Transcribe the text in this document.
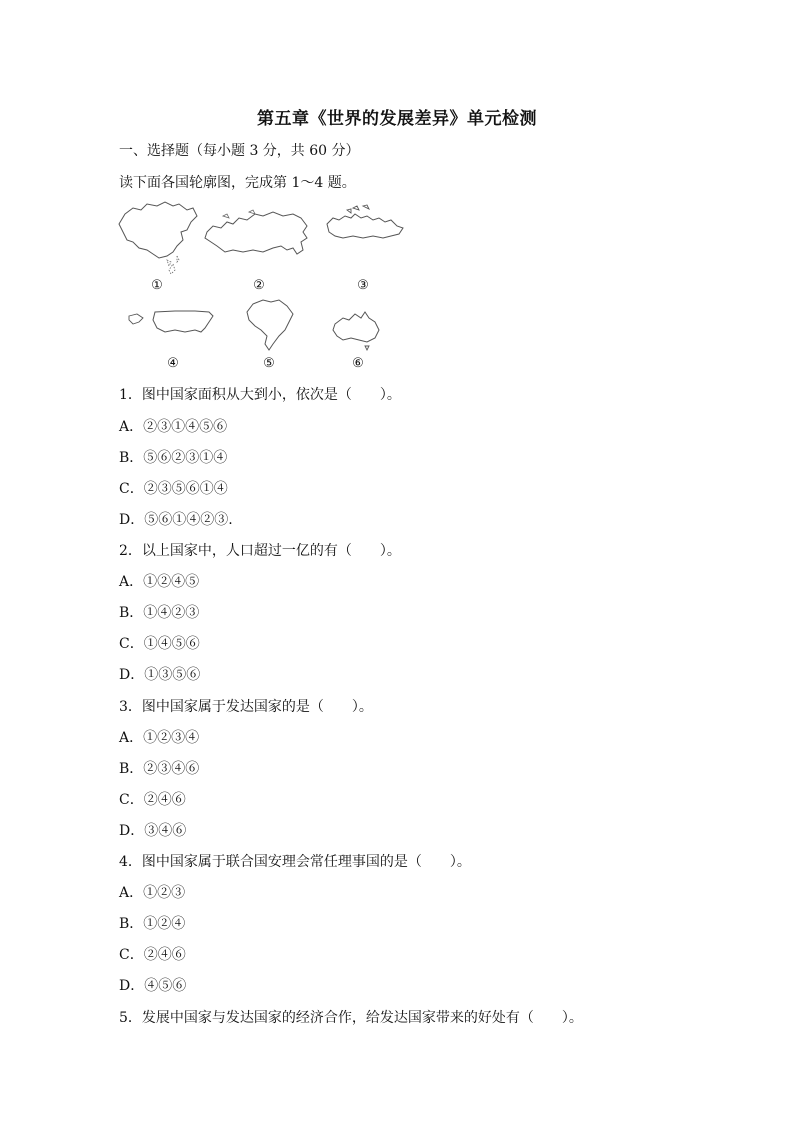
第五章《世界的发展差异》单元检测
一、选择题（每小题 3 分，共 60 分）
读下面各国轮廓图，完成第 1～4 题。
①	②	③
④	⑤	⑥
1．图中国家面积从大到小，依次是（　　）。
A．②③①④⑤⑥
B．⑤⑥②③①④
C．②③⑤⑥①④
D．⑤⑥①④②③.
2．以上国家中，人口超过一亿的有（　　）。
A．①②④⑤
B．①④②③
C．①④⑤⑥
D．①③⑤⑥
3．图中国家属于发达国家的是（　　）。
A．①②③④
B．②③④⑥
C．②④⑥
D．③④⑥
4．图中国家属于联合国安理会常任理事国的是（　　）。
A．①②③
B．①②④
C．②④⑥
D．④⑤⑥
5．发展中国家与发达国家的经济合作，给发达国家带来的好处有（　　）。
